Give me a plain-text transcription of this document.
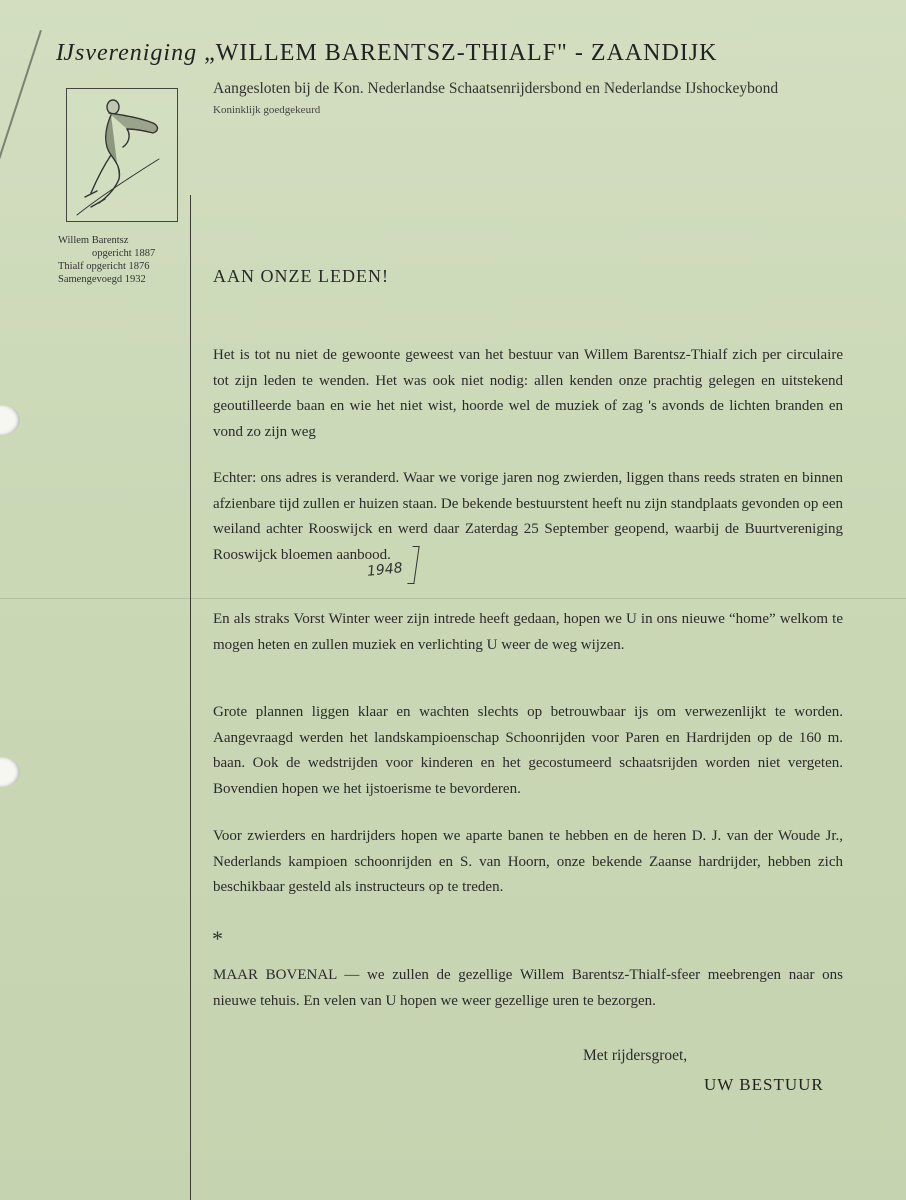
Ĳsvereniging „WILLEM BARENTSZ-THIALF" - ZAANDIJK
Aangesloten bij de Kon. Nederlandse Schaatsenrijdersbond en Nederlandse IJshockeybond
Koninklijk goedgekeurd
Willem Barentsz
opgericht 1887
Thialf opgericht 1876
Samengevoegd 1932	AAN ONZE LEDEN!
Het is tot nu niet de gewoonte geweest van het bestuur van Willem Barentsz-Thialf zich per circulaire tot zijn leden te wenden. Het was ook niet nodig: allen kenden onze prachtig gelegen en uitstekend geoutilleerde baan en wie het niet wist, hoorde wel de muziek of zag 's avonds de lichten branden en vond zo zijn weg
Echter: ons adres is veranderd. Waar we vorige jaren nog zwierden, liggen thans reeds straten en binnen afzienbare tijd zullen er huizen staan. De bekende bestuurstent heeft nu zijn standplaats gevonden op een weiland achter Rooswijck en werd daar Zaterdag 25 September geopend, waarbij de Buurtvereniging Rooswijck bloemen aanbood.
1948
En als straks Vorst Winter weer zijn intrede heeft gedaan, hopen we U in ons nieuwe “home” welkom te mogen heten en zullen muziek en verlichting U weer de weg wijzen.
Grote plannen liggen klaar en wachten slechts op betrouwbaar ijs om verwezenlijkt te worden. Aangevraagd werden het landskampioenschap Schoonrijden voor Paren en Hardrijden op de 160 m. baan. Ook de wedstrijden voor kinderen en het gecostumeerd schaatsrijden worden niet vergeten. Bovendien hopen we het ijstoerisme te bevorderen.
Voor zwierders en hardrijders hopen we aparte banen te hebben en de heren D. J. van der Woude Jr., Nederlands kampioen schoonrijden en S. van Hoorn, onze bekende Zaanse hardrijder, hebben zich beschikbaar gesteld als instructeurs op te treden.
*
MAAR BOVENAL — we zullen de gezellige Willem Barentsz-Thialf-sfeer meebrengen naar ons nieuwe tehuis. En velen van U hopen we weer gezellige uren te bezorgen.
Met rijdersgroet,
UW BESTUUR
